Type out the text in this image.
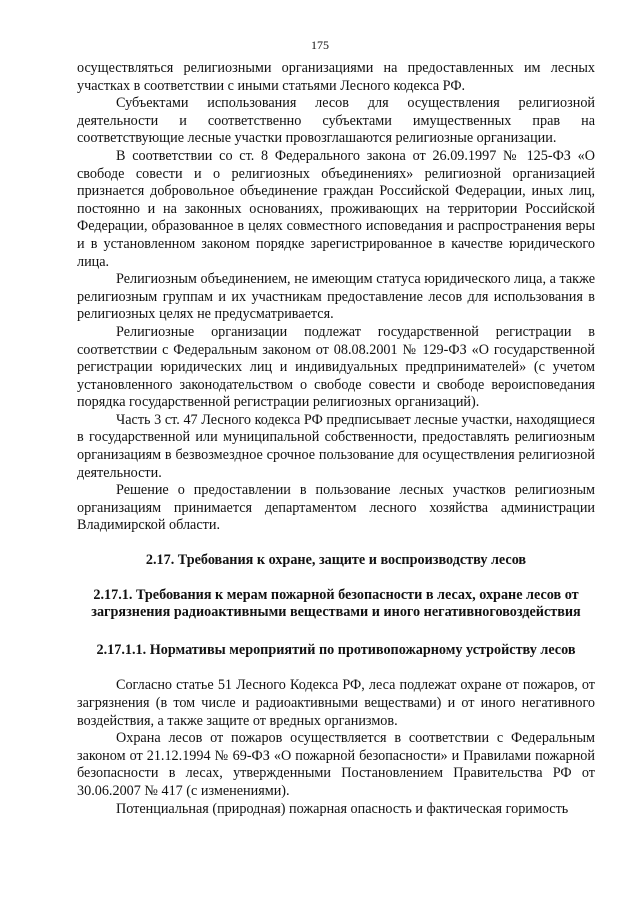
175

осуществляться религиозными организациями на предоставленных им лесных участках в соответствии с иными статьями Лесного кодекса РФ.

Субъектами использования лесов для осуществления религиозной деятельности и соответственно субъектами имущественных прав на соответствующие лесные участки провозглашаются религиозные организации.

В соответствии со ст. 8 Федерального закона от 26.09.1997 № 125-ФЗ «О свободе совести и о религиозных объединениях» религиозной организацией признается добровольное объединение граждан Российской Федерации, иных лиц, постоянно и на законных основаниях, проживающих на территории Российской Федерации, образованное в целях совместного исповедания и распространения веры и в установленном законом порядке зарегистрированное в качестве юридического лица.

Религиозным объединением, не имеющим статуса юридического лица, а также религиозным группам и их участникам предоставление лесов для использования в религиозных целях не предусматривается.

Религиозные организации подлежат государственной регистрации в соответствии с Федеральным законом от 08.08.2001 № 129-ФЗ «О государственной регистрации юридических лиц и индивидуальных предпринимателей» (с учетом установленного законодательством о свободе совести и свободе вероисповедания порядка государственной регистрации религиозных организаций).

Часть 3 ст. 47 Лесного кодекса РФ предписывает лесные участки, находящиеся в государственной или муниципальной собственности, предоставлять религиозным организациям в безвозмездное срочное пользование для осуществления религиозной деятельности.

Решение о предоставлении в пользование лесных участков религиозным организациям принимается департаментом лесного хозяйства администрации Владимирской области.

2.17. Требования к охране, защите и воспроизводству лесов
2.17.1. Требования к мерам пожарной безопасности в лесах, охране лесов от загрязнения радиоактивными веществами и иного негативноговоздействия
2.17.1.1. Нормативы мероприятий по противопожарному устройству лесов

Согласно статье 51 Лесного Кодекса РФ, леса подлежат охране от пожаров, от загрязнения (в том числе и радиоактивными веществами) и от иного негативного воздействия, а также защите от вредных организмов.

Охрана лесов от пожаров осуществляется в соответствии с Федеральным законом от 21.12.1994 № 69-ФЗ «О пожарной безопасности» и Правилами пожарной безопасности в лесах, утвержденными Постановлением Правительства РФ от 30.06.2007 № 417 (с изменениями).

Потенциальная (природная) пожарная опасность и фактическая горимость
